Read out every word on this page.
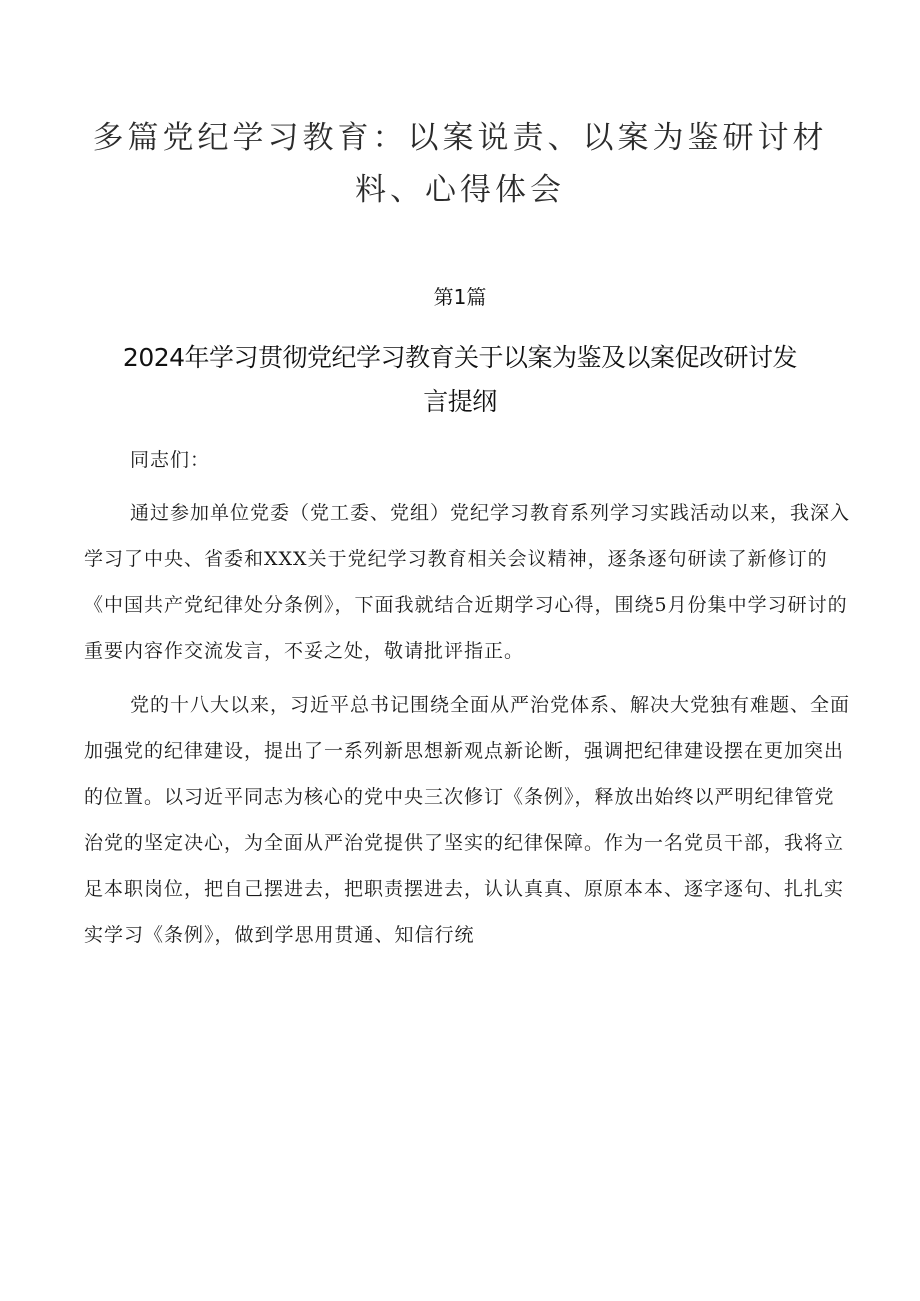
多篇党纪学习教育：以案说责、以案为鉴研讨材料、心得体会
第1篇
2024年学习贯彻党纪学习教育关于以案为鉴及以案促改研讨发言提纲

同志们：

通过参加单位党委（党工委、党组）党纪学习教育系列学习实践活动以来，我深入学习了中央、省委和XXX关于党纪学习教育相关会议精神，逐条逐句研读了新修订的《中国共产党纪律处分条例》，下面我就结合近期学习心得，围绕5月份集中学习研讨的重要内容作交流发言，不妥之处，敬请批评指正。

党的十八大以来，习近平总书记围绕全面从严治党体系、解决大党独有难题、全面加强党的纪律建设，提出了一系列新思想新观点新论断，强调把纪律建设摆在更加突出的位置。以习近平同志为核心的党中央三次修订《条例》，释放出始终以严明纪律管党治党的坚定决心，为全面从严治党提供了坚实的纪律保障。作为一名党员干部，我将立足本职岗位，把自己摆进去，把职责摆进去，认认真真、原原本本、逐字逐句、扎扎实实学习《条例》，做到学思用贯通、知信行统
